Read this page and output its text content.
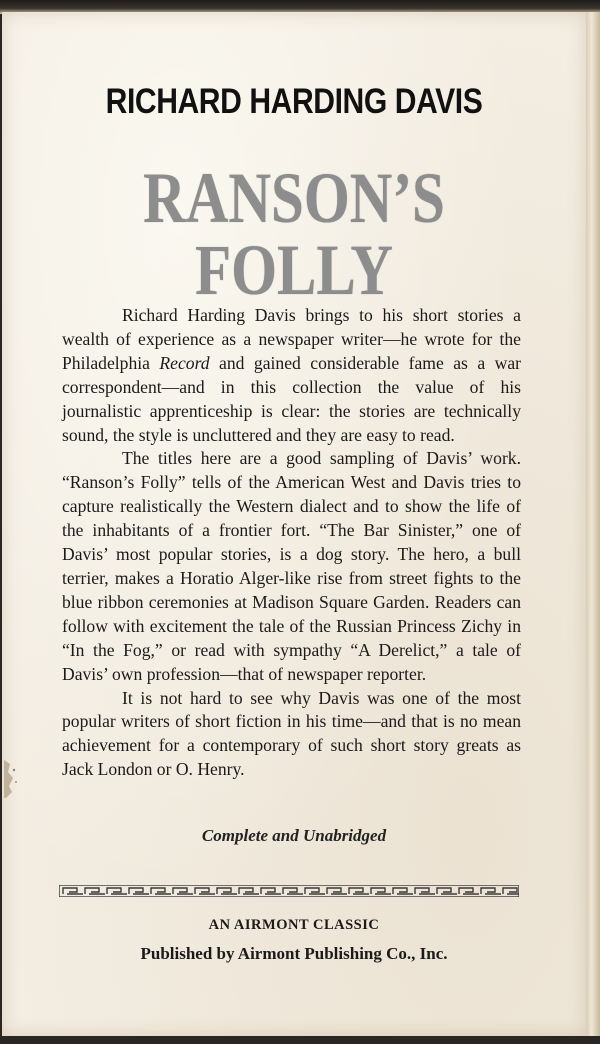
RICHARD HARDING DAVIS
RANSON’S FOLLY

Richard Harding Davis brings to his short stories a wealth of experience as a newspaper writer—he wrote for the Philadelphia Record and gained considerable fame as a war correspondent—and in this collection the value of his journalistic apprenticeship is clear: the stories are technically sound, the style is uncluttered and they are easy to read.

The titles here are a good sampling of Davis’ work. “Ranson’s Folly” tells of the American West and Davis tries to capture realistically the Western dialect and to show the life of the inhabitants of a frontier fort. “The Bar Sinister,” one of Davis’ most popular stories, is a dog story. The hero, a bull terrier, makes a Horatio Alger-like rise from street fights to the blue ribbon ceremonies at Madison Square Garden. Readers can follow with excitement the tale of the Russian Princess Zichy in “In the Fog,” or read with sympathy “A Derelict,” a tale of Davis’ own profession—that of newspaper reporter.

It is not hard to see why Davis was one of the most popular writers of short fiction in his time—and that is no mean achievement for a contemporary of such short story greats as Jack London or O. Henry.

Complete and Unabridged
AN AIRMONT CLASSIC
Published by Airmont Publishing Co., Inc.
